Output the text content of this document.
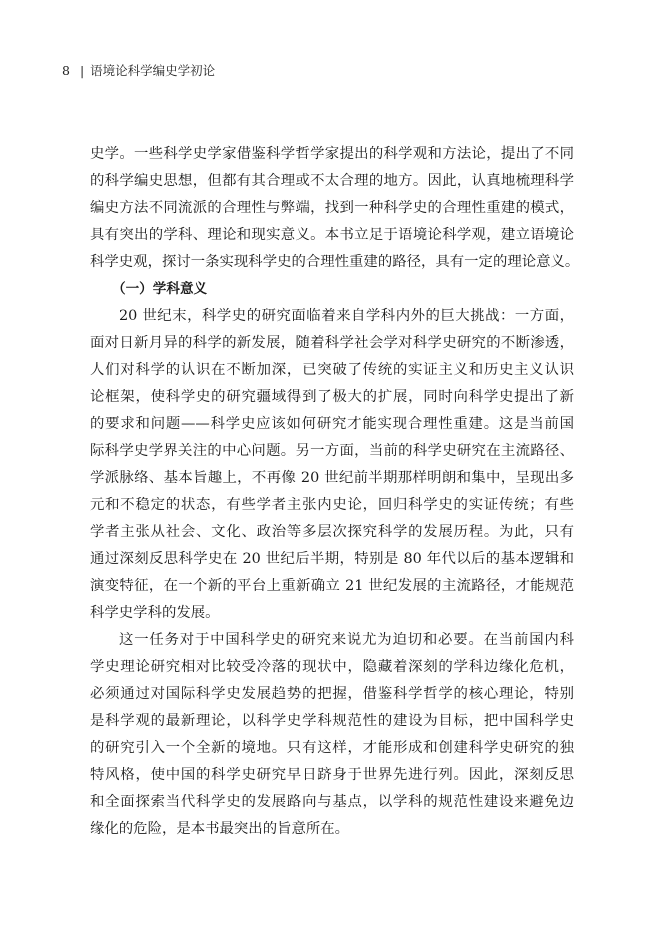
8 | 语境论科学编史学初论
史学。一些科学史学家借鉴科学哲学家提出的科学观和方法论，提出了不同
的科学编史思想，但都有其合理或不太合理的地方。因此，认真地梳理科学
编史方法不同流派的合理性与弊端，找到一种科学史的合理性重建的模式，
具有突出的学科、理论和现实意义。本书立足于语境论科学观，建立语境论
科学史观，探讨一条实现科学史的合理性重建的路径，具有一定的理论意义。
（一）学科意义
20 世纪末，科学史的研究面临着来自学科内外的巨大挑战：一方面，
面对日新月异的科学的新发展，随着科学社会学对科学史研究的不断渗透，
人们对科学的认识在不断加深，已突破了传统的实证主义和历史主义认识
论框架，使科学史的研究疆域得到了极大的扩展，同时向科学史提出了新
的要求和问题——科学史应该如何研究才能实现合理性重建。这是当前国
际科学史学界关注的中心问题。另一方面，当前的科学史研究在主流路径、
学派脉络、基本旨趣上，不再像 20 世纪前半期那样明朗和集中，呈现出多
元和不稳定的状态，有些学者主张内史论，回归科学史的实证传统；有些
学者主张从社会、文化、政治等多层次探究科学的发展历程。为此，只有
通过深刻反思科学史在 20 世纪后半期，特别是 80 年代以后的基本逻辑和
演变特征，在一个新的平台上重新确立 21 世纪发展的主流路径，才能规范
科学史学科的发展。
这一任务对于中国科学史的研究来说尤为迫切和必要。在当前国内科
学史理论研究相对比较受冷落的现状中，隐藏着深刻的学科边缘化危机，
必须通过对国际科学史发展趋势的把握，借鉴科学哲学的核心理论，特别
是科学观的最新理论，以科学史学科规范性的建设为目标，把中国科学史
的研究引入一个全新的境地。只有这样，才能形成和创建科学史研究的独
特风格，使中国的科学史研究早日跻身于世界先进行列。因此，深刻反思
和全面探索当代科学史的发展路向与基点，以学科的规范性建设来避免边
缘化的危险，是本书最突出的旨意所在。
